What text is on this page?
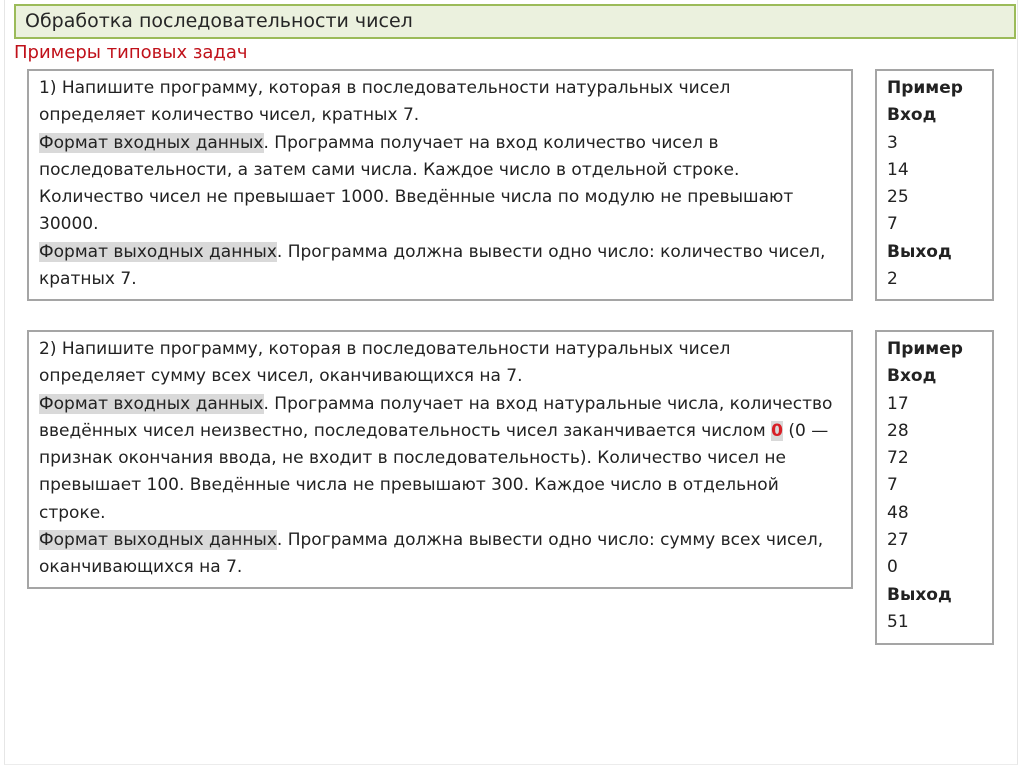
Обработка последовательности чисел
Примеры типовых задач

1) Напишите программу, которая в последовательности натуральных чисел определяет количество чисел, кратных 7.
Формат входных данных. Программа получает на вход количество чисел в последовательности, а затем сами числа. Каждое число в отдельной строке. Количество чисел не превышает 1000. Введённые числа по модулю не превышают 30000.
Формат выходных данных. Программа должна вывести одно число: количество чисел, кратных 7.

Пример
Вход
3
14
25
7
Выход
2

2) Напишите программу, которая в последовательности натуральных чисел определяет сумму всех чисел, оканчивающихся на 7.
Формат входных данных. Программа получает на вход натуральные числа, количество введённых чисел неизвестно, последовательность чисел заканчивается числом 0 (0 — признак окончания ввода, не входит в последовательность). Количество чисел не превышает 100. Введённые числа не превышают 300. Каждое число в отдельной строке.
Формат выходных данных. Программа должна вывести одно число: сумму всех чисел, оканчивающихся на 7.

Пример
Вход
17
28
72
7
48
27
0
Выход
51
